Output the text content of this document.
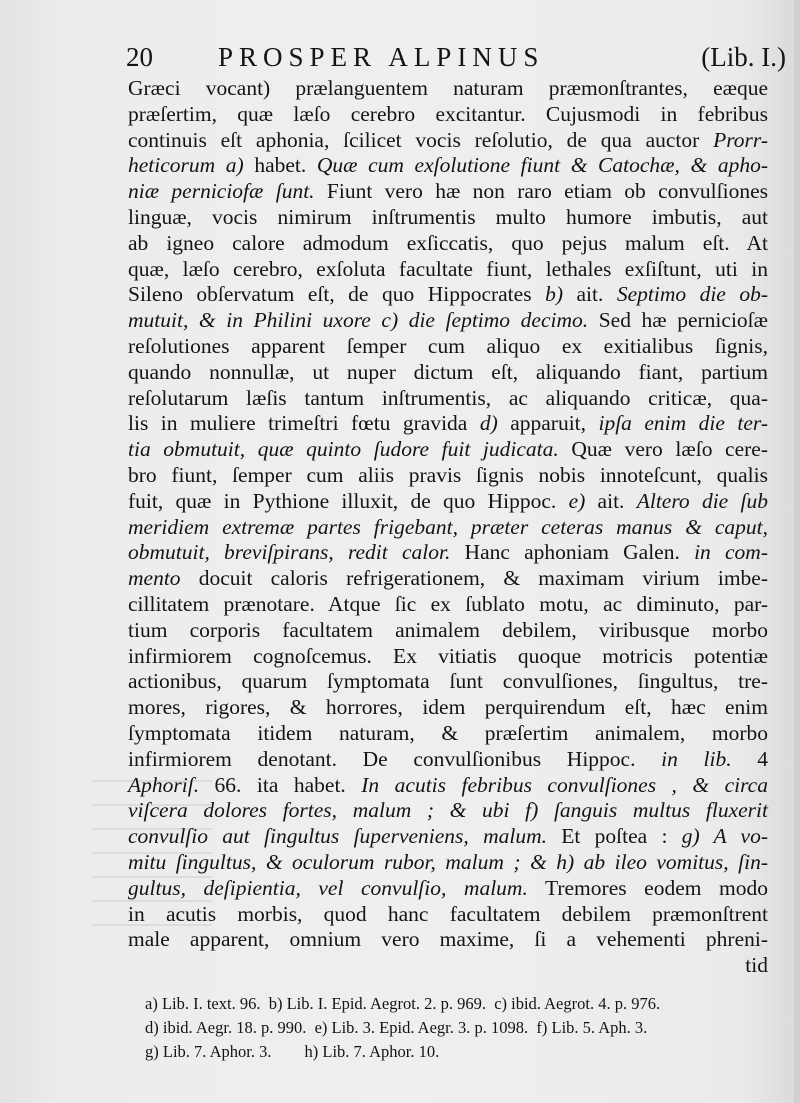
20 PROSPER ALPINUS	(Lib. I.)
Græci vocant) prælanguentem naturam præmonſtrantes, eæque
præſertim, quæ læſo cerebro excitantur. Cujusmodi in febribus
continuis eſt aphonia, ſcilicet vocis reſolutio, de qua auctor Prorr-
heticorum a) habet. Quæ cum exſolutione fiunt & Catochæ, & apho-
niæ perniciofæ ſunt. Fiunt vero hæ non raro etiam ob convulſiones
linguæ, vocis nimirum inſtrumentis multo humore imbutis, aut
ab igneo calore admodum exſiccatis, quo pejus malum eſt. At
quæ, læſo cerebro, exſoluta facultate fiunt, lethales exſiſtunt, uti in
Sileno obſervatum eſt, de quo Hippocrates b) ait. Septimo die ob-
mutuit, & in Philini uxore c) die ſeptimo decimo. Sed hæ pernicioſæ
reſolutiones apparent ſemper cum aliquo ex exitialibus ſignis,
quando nonnullæ, ut nuper dictum eſt, aliquando fiant, partium
reſolutarum læſis tantum inſtrumentis, ac aliquando criticæ, qua-
lis in muliere trimeſtri fœtu gravida d) apparuit, ipſa enim die ter-
tia obmutuit, quæ quinto ſudore fuit judicata. Quæ vero læſo cere-
bro fiunt, ſemper cum aliis pravis ſignis nobis innoteſcunt, qualis
fuit, quæ in Pythione illuxit, de quo Hippoc. e) ait. Altero die ſub
meridiem extremæ partes frigebant, præter ceteras manus & caput,
obmutuit, breviſpirans, redit calor. Hanc aphoniam Galen. in com-
mento docuit caloris refrigerationem, & maximam virium imbe-
cillitatem prænotare. Atque ſic ex ſublato motu, ac diminuto, par-
tium corporis facultatem animalem debilem, viribusque morbo
infirmiorem cognoſcemus. Ex vitiatis quoque motricis potentiæ
actionibus, quarum ſymptomata ſunt convulſiones, ſingultus, tre-
mores, rigores, & horrores, idem perquirendum eſt, hæc enim
ſymptomata itidem naturam, & præſertim animalem, morbo
infirmiorem denotant. De convulſionibus Hippoc. in lib. 4
Aphoriſ. 66. ita habet. In acutis febribus convulſiones , & circa
viſcera dolores fortes, malum ; & ubi f) ſanguis multus fluxerit
convulſio aut ſingultus ſuperveniens, malum. Et poſtea : g) A vo-
mitu ſingultus, & oculorum rubor, malum ; & h) ab ileo vomitus, ſin-
gultus, deſipientia, vel convulſio, malum. Tremores eodem modo
in acutis morbis, quod hanc facultatem debilem præmonſtrent
male apparent, omnium vero maxime, ſi a vehementi phreni-
tid
a) Lib. I. text. 96.  b) Lib. I. Epid. Aegrot. 2. p. 969.  c) ibid. Aegrot. 4. p. 976.
d) ibid. Aegr. 18. p. 990.  e) Lib. 3. Epid. Aegr. 3. p. 1098.  f) Lib. 5. Aph. 3.
g) Lib. 7. Aphor. 3.        h) Lib. 7. Aphor. 10.
